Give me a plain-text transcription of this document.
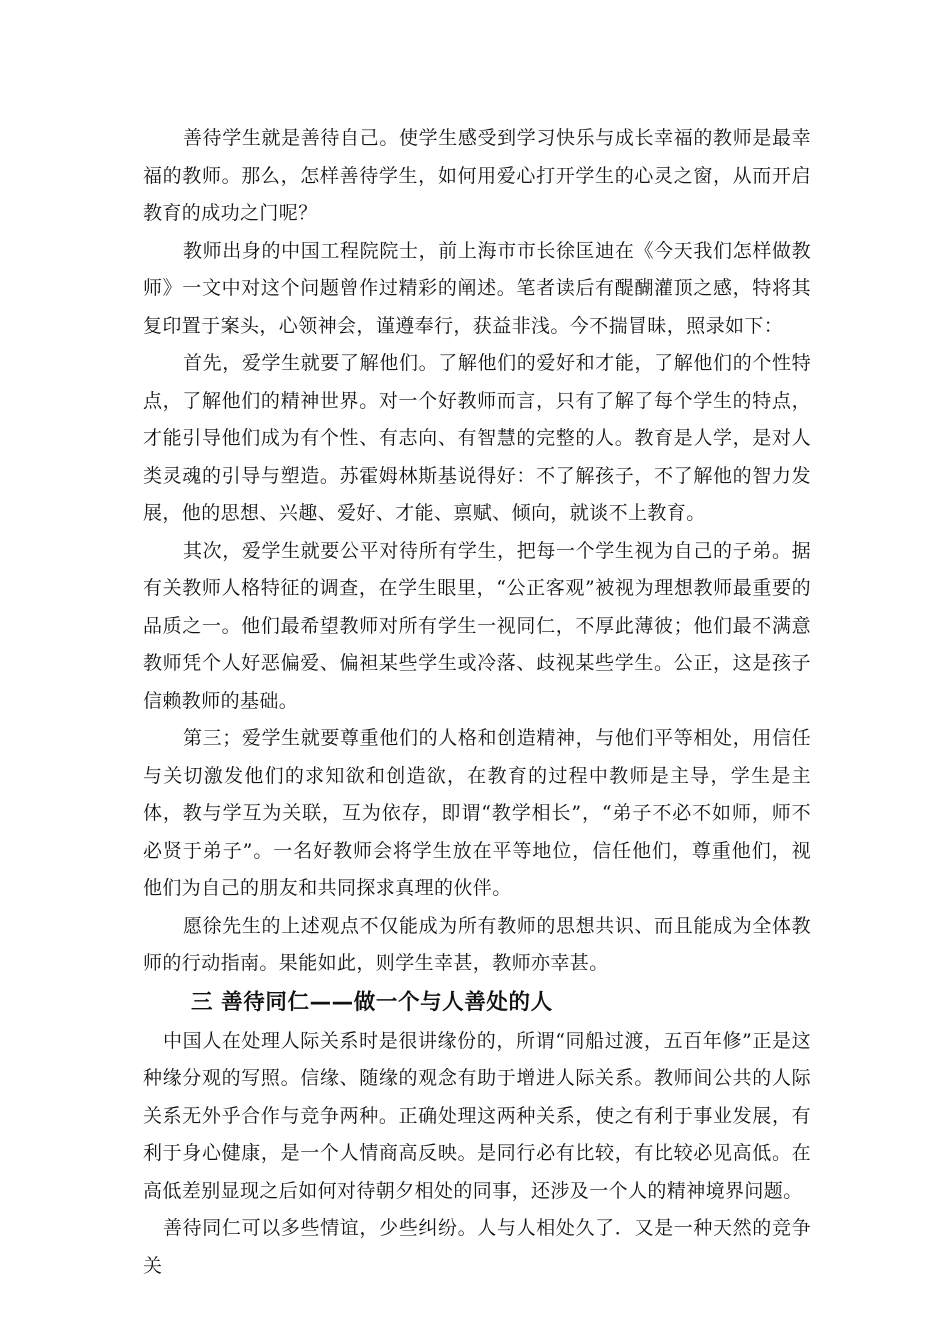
善待学生就是善待自己。使学生感受到学习快乐与成长幸福的教师是最幸福的教师。那么，怎样善待学生，如何用爱心打开学生的心灵之窗，从而开启教育的成功之门呢？

教师出身的中国工程院院士，前上海市市长徐匡迪在《今天我们怎样做教师》一文中对这个问题曾作过精彩的阐述。笔者读后有醍醐灌顶之感，特将其复印置于案头，心领神会，谨遵奉行，获益非浅。今不揣冒昧，照录如下：

首先，爱学生就要了解他们。了解他们的爱好和才能，了解他们的个性特点，了解他们的精神世界。对一个好教师而言，只有了解了每个学生的特点，才能引导他们成为有个性、有志向、有智慧的完整的人。教育是人学，是对人类灵魂的引导与塑造。苏霍姆林斯基说得好：不了解孩子，不了解他的智力发展，他的思想、兴趣、爱好、才能、禀赋、倾向，就谈不上教育。

其次，爱学生就要公平对待所有学生，把每一个学生视为自己的子弟。据有关教师人格特征的调查，在学生眼里，“公正客观”被视为理想教师最重要的品质之一。他们最希望教师对所有学生一视同仁，不厚此薄彼；他们最不满意教师凭个人好恶偏爱、偏袒某些学生或冷落、歧视某些学生。公正，这是孩子信赖教师的基础。

第三；爱学生就要尊重他们的人格和创造精神，与他们平等相处，用信任与关切激发他们的求知欲和创造欲，在教育的过程中教师是主导，学生是主体，教与学互为关联，互为依存，即谓“教学相长”，“弟子不必不如师，师不必贤于弟子”。一名好教师会将学生放在平等地位，信任他们，尊重他们，视他们为自己的朋友和共同探求真理的伙伴。

愿徐先生的上述观点不仅能成为所有教师的思想共识、而且能成为全体教师的行动指南。果能如此，则学生幸甚，教师亦幸甚。

三 善待同仁——做一个与人善处的人

中国人在处理人际关系时是很讲缘份的，所谓“同船过渡，五百年修”正是这种缘分观的写照。信缘、随缘的观念有助于增进人际关系。教师间公共的人际关系无外乎合作与竞争两种。正确处理这两种关系，使之有利于事业发展，有利于身心健康，是一个人情商高反映。是同行必有比较，有比较必见高低。在高低差别显现之后如何对待朝夕相处的同事，还涉及一个人的精神境界问题。

善待同仁可以多些情谊，少些纠纷。人与人相处久了．又是一种天然的竞争关
